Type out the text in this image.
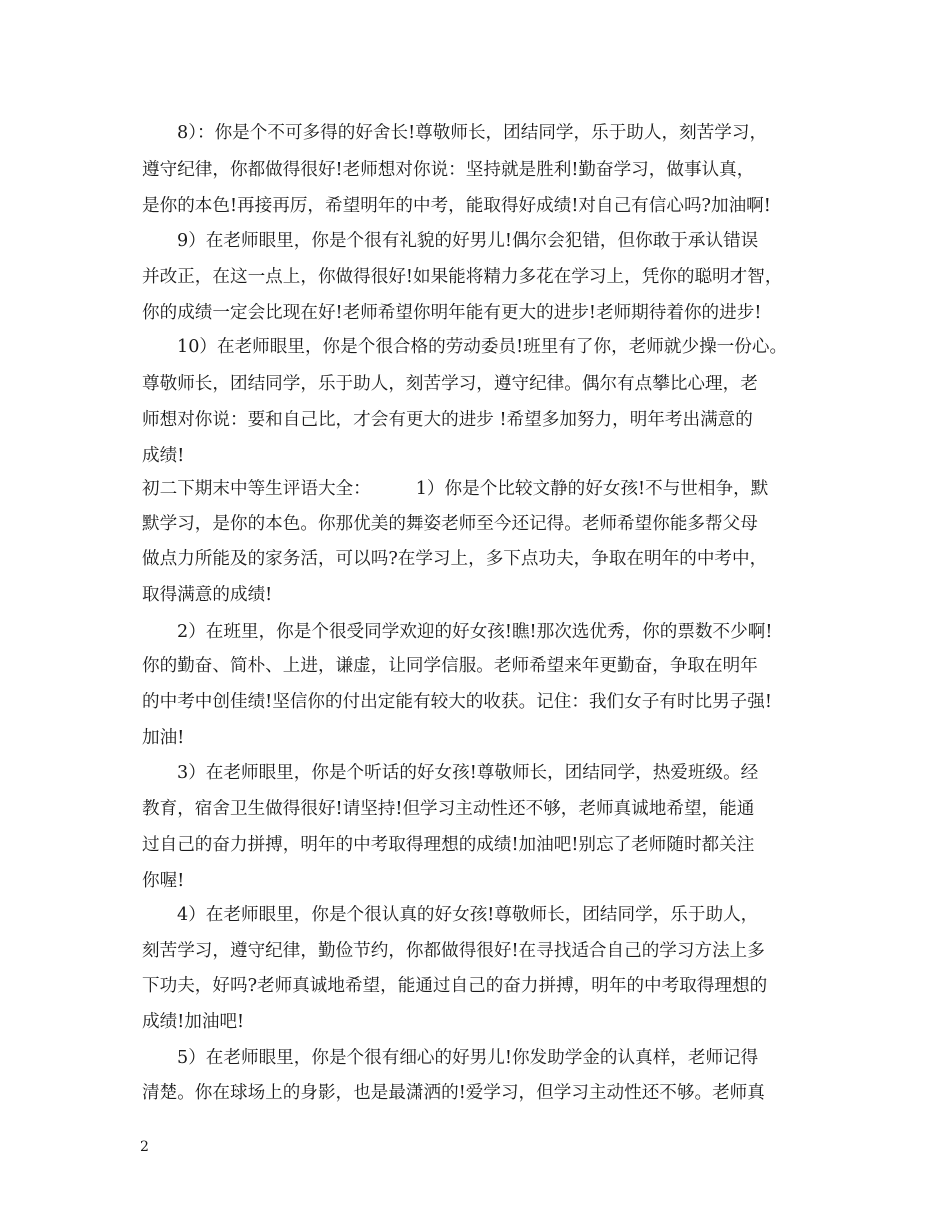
8）：你是个不可多得的好舍长!尊敬师长，团结同学，乐于助人，刻苦学习，
遵守纪律，你都做得很好!老师想对你说：坚持就是胜利!勤奋学习，做事认真，
是你的本色!再接再厉，希望明年的中考，能取得好成绩!对自己有信心吗?加油啊!
9）在老师眼里，你是个很有礼貌的好男儿!偶尔会犯错，但你敢于承认错误
并改正，在这一点上，你做得很好!如果能将精力多花在学习上，凭你的聪明才智，
你的成绩一定会比现在好!老师希望你明年能有更大的进步!老师期待着你的进步!
10）在老师眼里，你是个很合格的劳动委员!班里有了你，老师就少操一份心。
尊敬师长，团结同学，乐于助人，刻苦学习，遵守纪律。偶尔有点攀比心理，老
师想对你说：要和自己比，才会有更大的进步 !希望多加努力，明年考出满意的
成绩!
初二下期末中等生评语大全：	1）你是个比较文静的好女孩!不与世相争，默
默学习，是你的本色。你那优美的舞姿老师至今还记得。老师希望你能多帮父母
做点力所能及的家务活，可以吗?在学习上，多下点功夫，争取在明年的中考中，
取得满意的成绩!
2）在班里，你是个很受同学欢迎的好女孩!瞧!那次选优秀，你的票数不少啊!
你的勤奋、简朴、上进，谦虚，让同学信服。老师希望来年更勤奋，争取在明年
的中考中创佳绩!坚信你的付出定能有较大的收获。记住：我们女子有时比男子强!
加油!
3）在老师眼里，你是个听话的好女孩!尊敬师长，团结同学，热爱班级。经
教育，宿舍卫生做得很好!请坚持!但学习主动性还不够，老师真诚地希望，能通
过自己的奋力拼搏，明年的中考取得理想的成绩!加油吧!别忘了老师随时都关注
你喔!
4）在老师眼里，你是个很认真的好女孩!尊敬师长，团结同学，乐于助人，
刻苦学习，遵守纪律，勤俭节约，你都做得很好!在寻找适合自己的学习方法上多
下功夫，好吗?老师真诚地希望，能通过自己的奋力拼搏，明年的中考取得理想的
成绩!加油吧!
5）在老师眼里，你是个很有细心的好男儿!你发助学金的认真样，老师记得
清楚。你在球场上的身影，也是最潇洒的!爱学习，但学习主动性还不够。老师真
2
